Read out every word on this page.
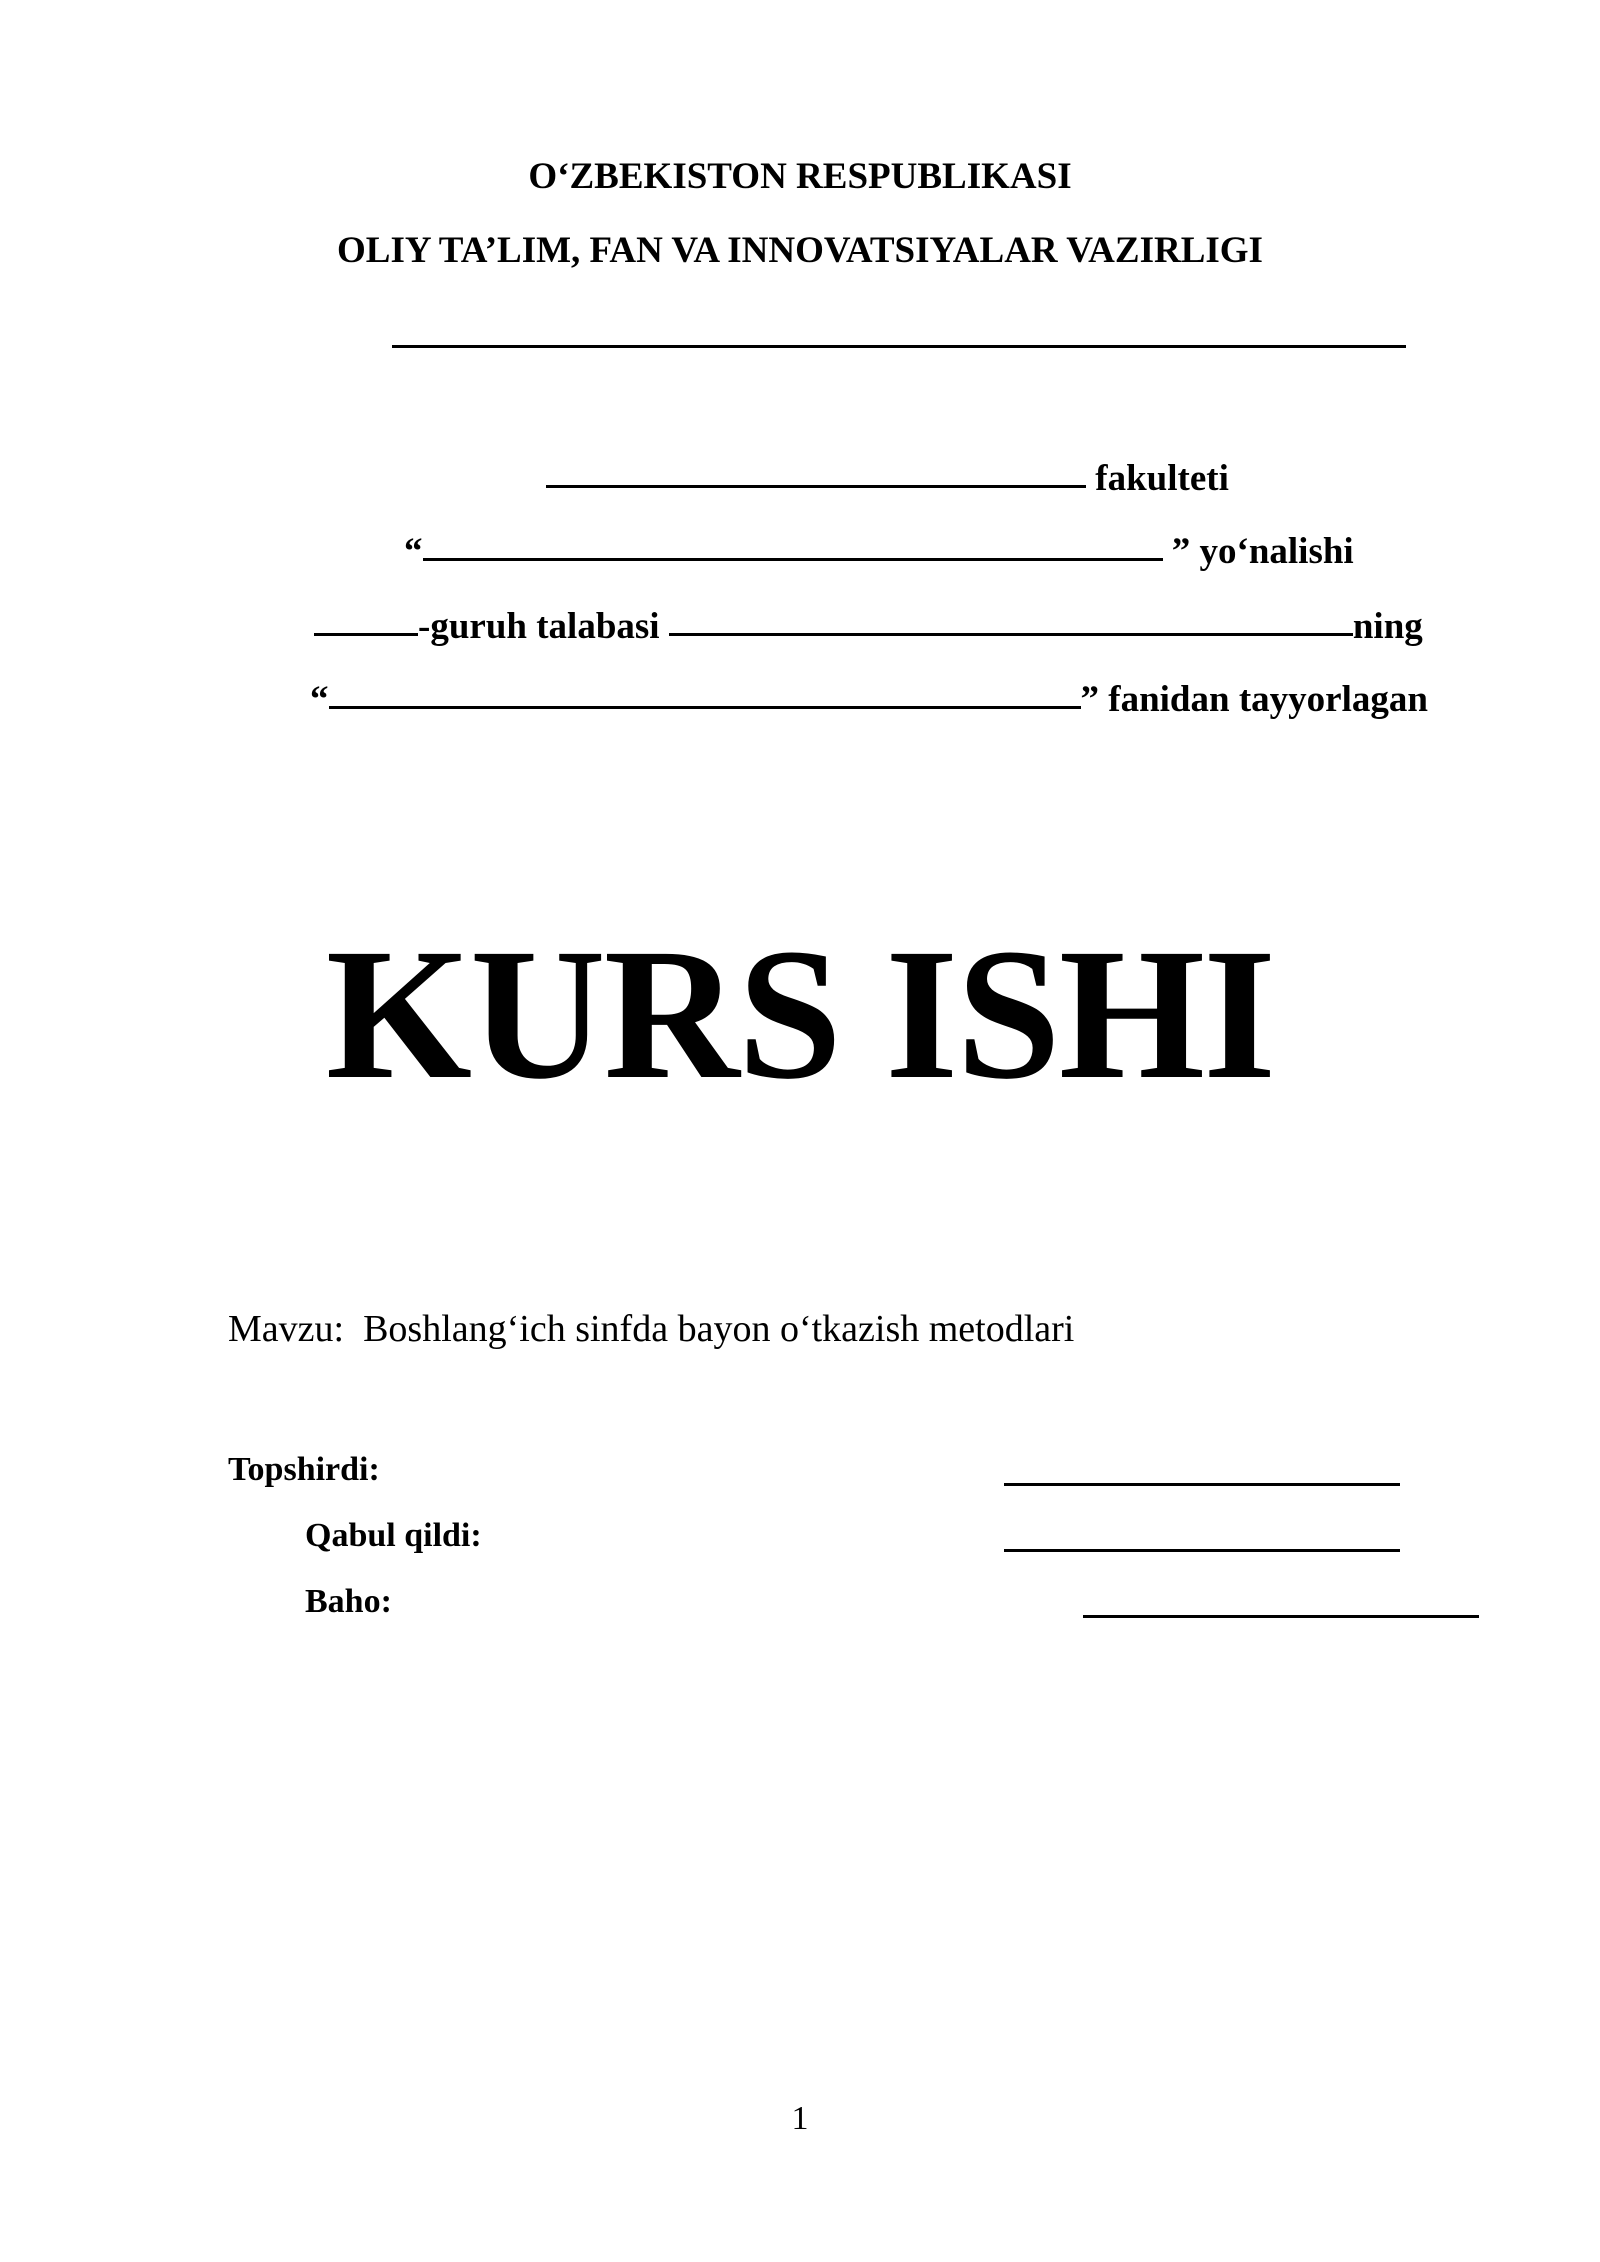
O‘ZBEKISTON RESPUBLIKASI
OLIY TA’LIM, FAN VA INNOVATSIYALAR VAZIRLIGI
fakulteti
“	” yo‘nalishi
-guruh talabasi	ning
“	” fanidan tayyorlagan
KURS ISHI
Mavzu: Boshlang‘ich sinfda bayon o‘tkazish metodlari
Topshirdi:
Qabul qildi:
Baho:
1
